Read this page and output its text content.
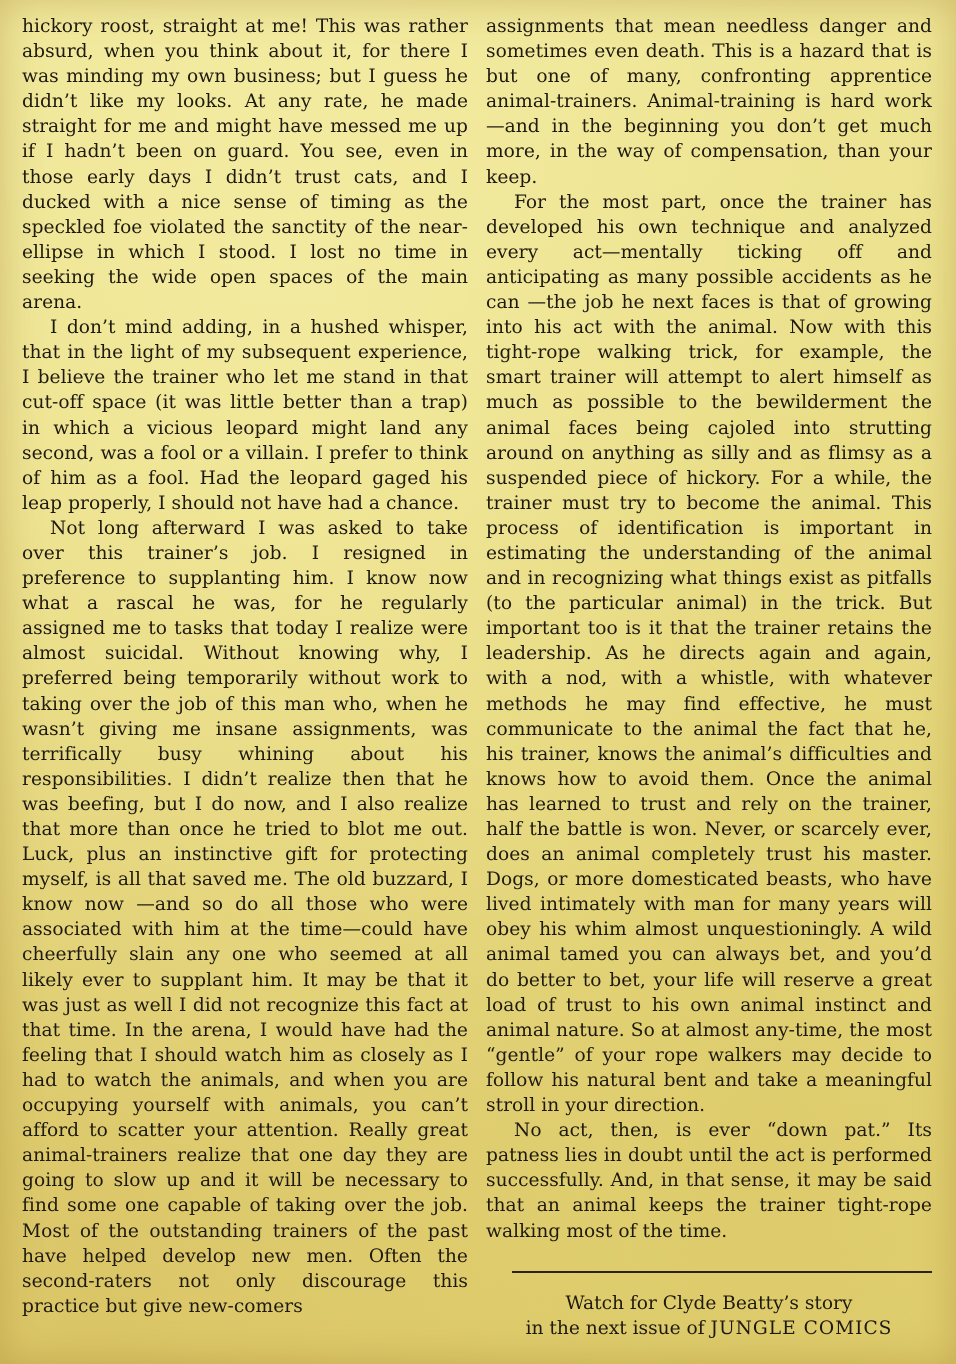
hickory roost, straight at me! This was rather absurd, when you think about it, for there I was minding my own business; but I guess he didn’t like my looks. At any rate, he made straight for me and might have messed me up if I hadn’t been on guard. You see, even in those early days I didn’t trust cats, and I ducked with a nice sense of timing as the speckled foe violated the sanctity of the near-ellipse in which I stood. I lost no time in seeking the wide open spaces of the main arena.

I don’t mind adding, in a hushed whisper, that in the light of my subsequent experience, I believe the trainer who let me stand in that cut-off space (it was little better than a trap) in which a vicious leopard might land any second, was a fool or a villain. I prefer to think of him as a fool. Had the leopard gaged his leap properly, I should not have had a chance.

Not long afterward I was asked to take over this trainer’s job. I resigned in preference to supplanting him. I know now what a rascal he was, for he regularly assigned me to tasks that today I realize were almost suicidal. Without knowing why, I preferred being temporarily without work to taking over the job of this man who, when he wasn’t giving me insane assignments, was terrifically busy whining about his responsibilities. I didn’t realize then that he was beefing, but I do now, and I also realize that more than once he tried to blot me out. Luck, plus an instinctive gift for protecting myself, is all that saved me. The old buzzard, I know now —and so do all those who were associated with him at the time—could have cheerfully slain any one who seemed at all likely ever to supplant him. It may be that it was just as well I did not recognize this fact at that time. In the arena, I would have had the feeling that I should watch him as closely as I had to watch the animals, and when you are occupying yourself with animals, you can’t afford to scatter your attention. Really great animal-trainers realize that one day they are going to slow up and it will be necessary to find some one capable of taking over the job. Most of the outstanding trainers of the past have helped develop new men. Often the second-raters not only discourage this practice but give new-comers

assignments that mean needless danger and sometimes even death. This is a hazard that is but one of many, confronting apprentice animal-trainers. Animal-training is hard work —and in the beginning you don’t get much more, in the way of compensation, than your keep.

For the most part, once the trainer has developed his own technique and analyzed every act—mentally ticking off and anticipating as many possible accidents as he can —the job he next faces is that of growing into his act with the animal. Now with this tight-rope walking trick, for example, the smart trainer will attempt to alert himself as much as possible to the bewilderment the animal faces being cajoled into strutting around on anything as silly and as flimsy as a suspended piece of hickory. For a while, the trainer must try to become the animal. This process of identification is important in estimating the understanding of the animal and in recognizing what things exist as pitfalls (to the particular animal) in the trick. But important too is it that the trainer retains the leadership. As he directs again and again, with a nod, with a whistle, with whatever methods he may find effective, he must communicate to the animal the fact that he, his trainer, knows the animal’s difficulties and knows how to avoid them. Once the animal has learned to trust and rely on the trainer, half the battle is won. Never, or scarcely ever, does an animal completely trust his master. Dogs, or more domesticated beasts, who have lived intimately with man for many years will obey his whim almost unquestioningly. A wild animal tamed you can always bet, and you’d do better to bet, your life will reserve a great load of trust to his own animal instinct and animal nature. So at almost any-time, the most “gentle” of your rope walkers may decide to follow his natural bent and take a meaningful stroll in your direction.

No act, then, is ever “down pat.” Its patness lies in doubt until the act is performed successfully. And, in that sense, it may be said that an animal keeps the trainer tight-rope walking most of the time.

Watch for Clyde Beatty’s story
in the next issue of JUNGLE COMICS
